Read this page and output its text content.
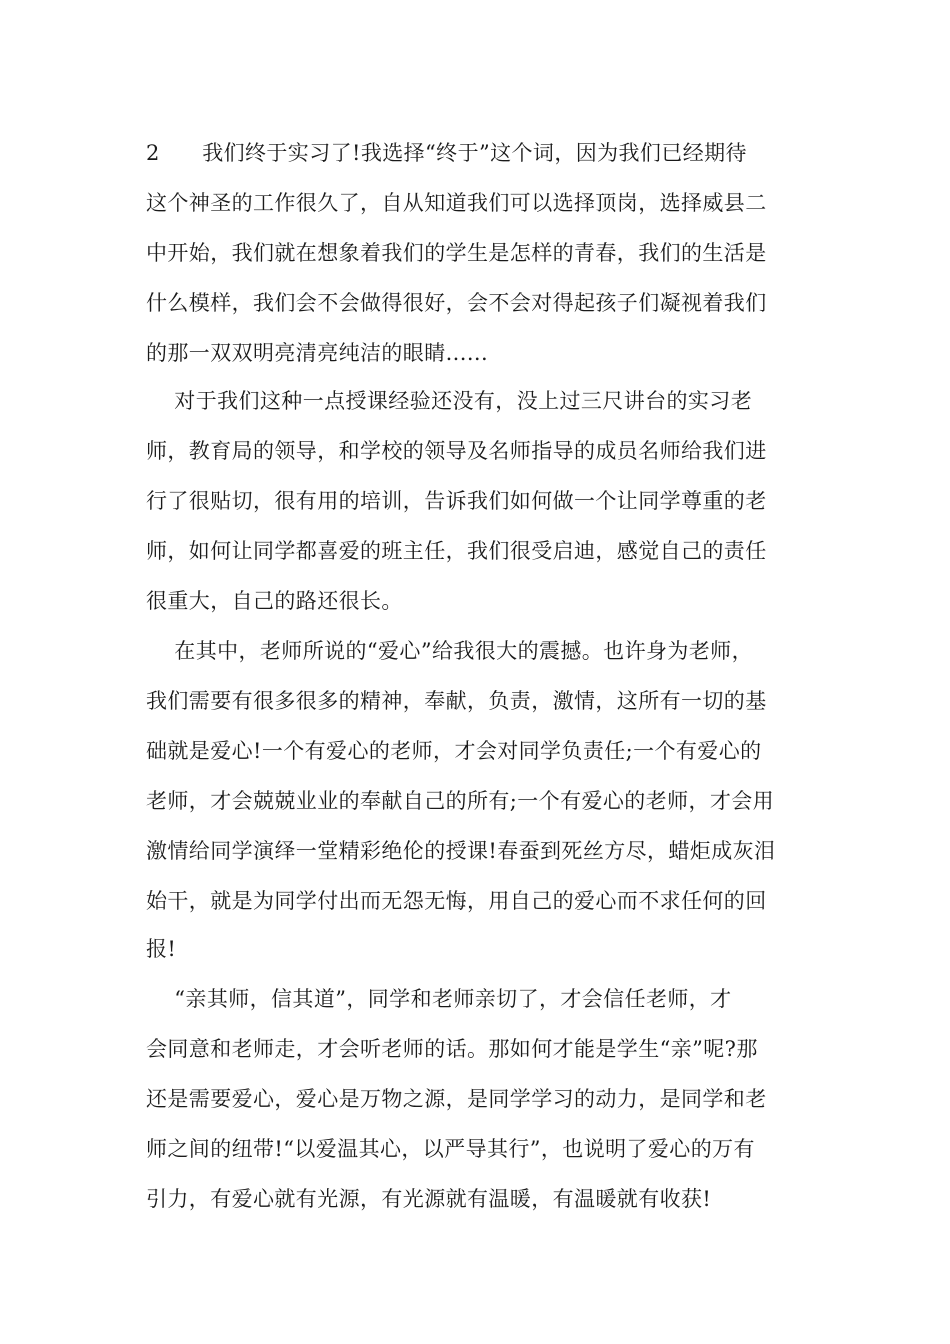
2      我们终于实习了!我选择“终于”这个词，因为我们已经期待
这个神圣的工作很久了，自从知道我们可以选择顶岗，选择威县二
中开始，我们就在想象着我们的学生是怎样的青春，我们的生活是
什么模样，我们会不会做得很好，会不会对得起孩子们凝视着我们
的那一双双明亮清亮纯洁的眼睛......
对于我们这种一点授课经验还没有，没上过三尺讲台的实习老
师，教育局的领导，和学校的领导及名师指导的成员名师给我们进
行了很贴切，很有用的培训，告诉我们如何做一个让同学尊重的老
师，如何让同学都喜爱的班主任，我们很受启迪，感觉自己的责任
很重大，自己的路还很长。
在其中，老师所说的“爱心”给我很大的震撼。也许身为老师，
我们需要有很多很多的精神，奉献，负责，激情，这所有一切的基
础就是爱心!一个有爱心的老师，才会对同学负责任;一个有爱心的
老师，才会兢兢业业的奉献自己的所有;一个有爱心的老师，才会用
激情给同学演绎一堂精彩绝伦的授课!春蚕到死丝方尽，蜡炬成灰泪
始干，就是为同学付出而无怨无悔，用自己的爱心而不求任何的回
报!
“亲其师，信其道”，同学和老师亲切了，才会信任老师，才
会同意和老师走，才会听老师的话。那如何才能是学生“亲”呢?那
还是需要爱心，爱心是万物之源，是同学学习的动力，是同学和老
师之间的纽带!“以爱温其心，以严导其行”，也说明了爱心的万有
引力，有爱心就有光源，有光源就有温暖，有温暖就有收获!
